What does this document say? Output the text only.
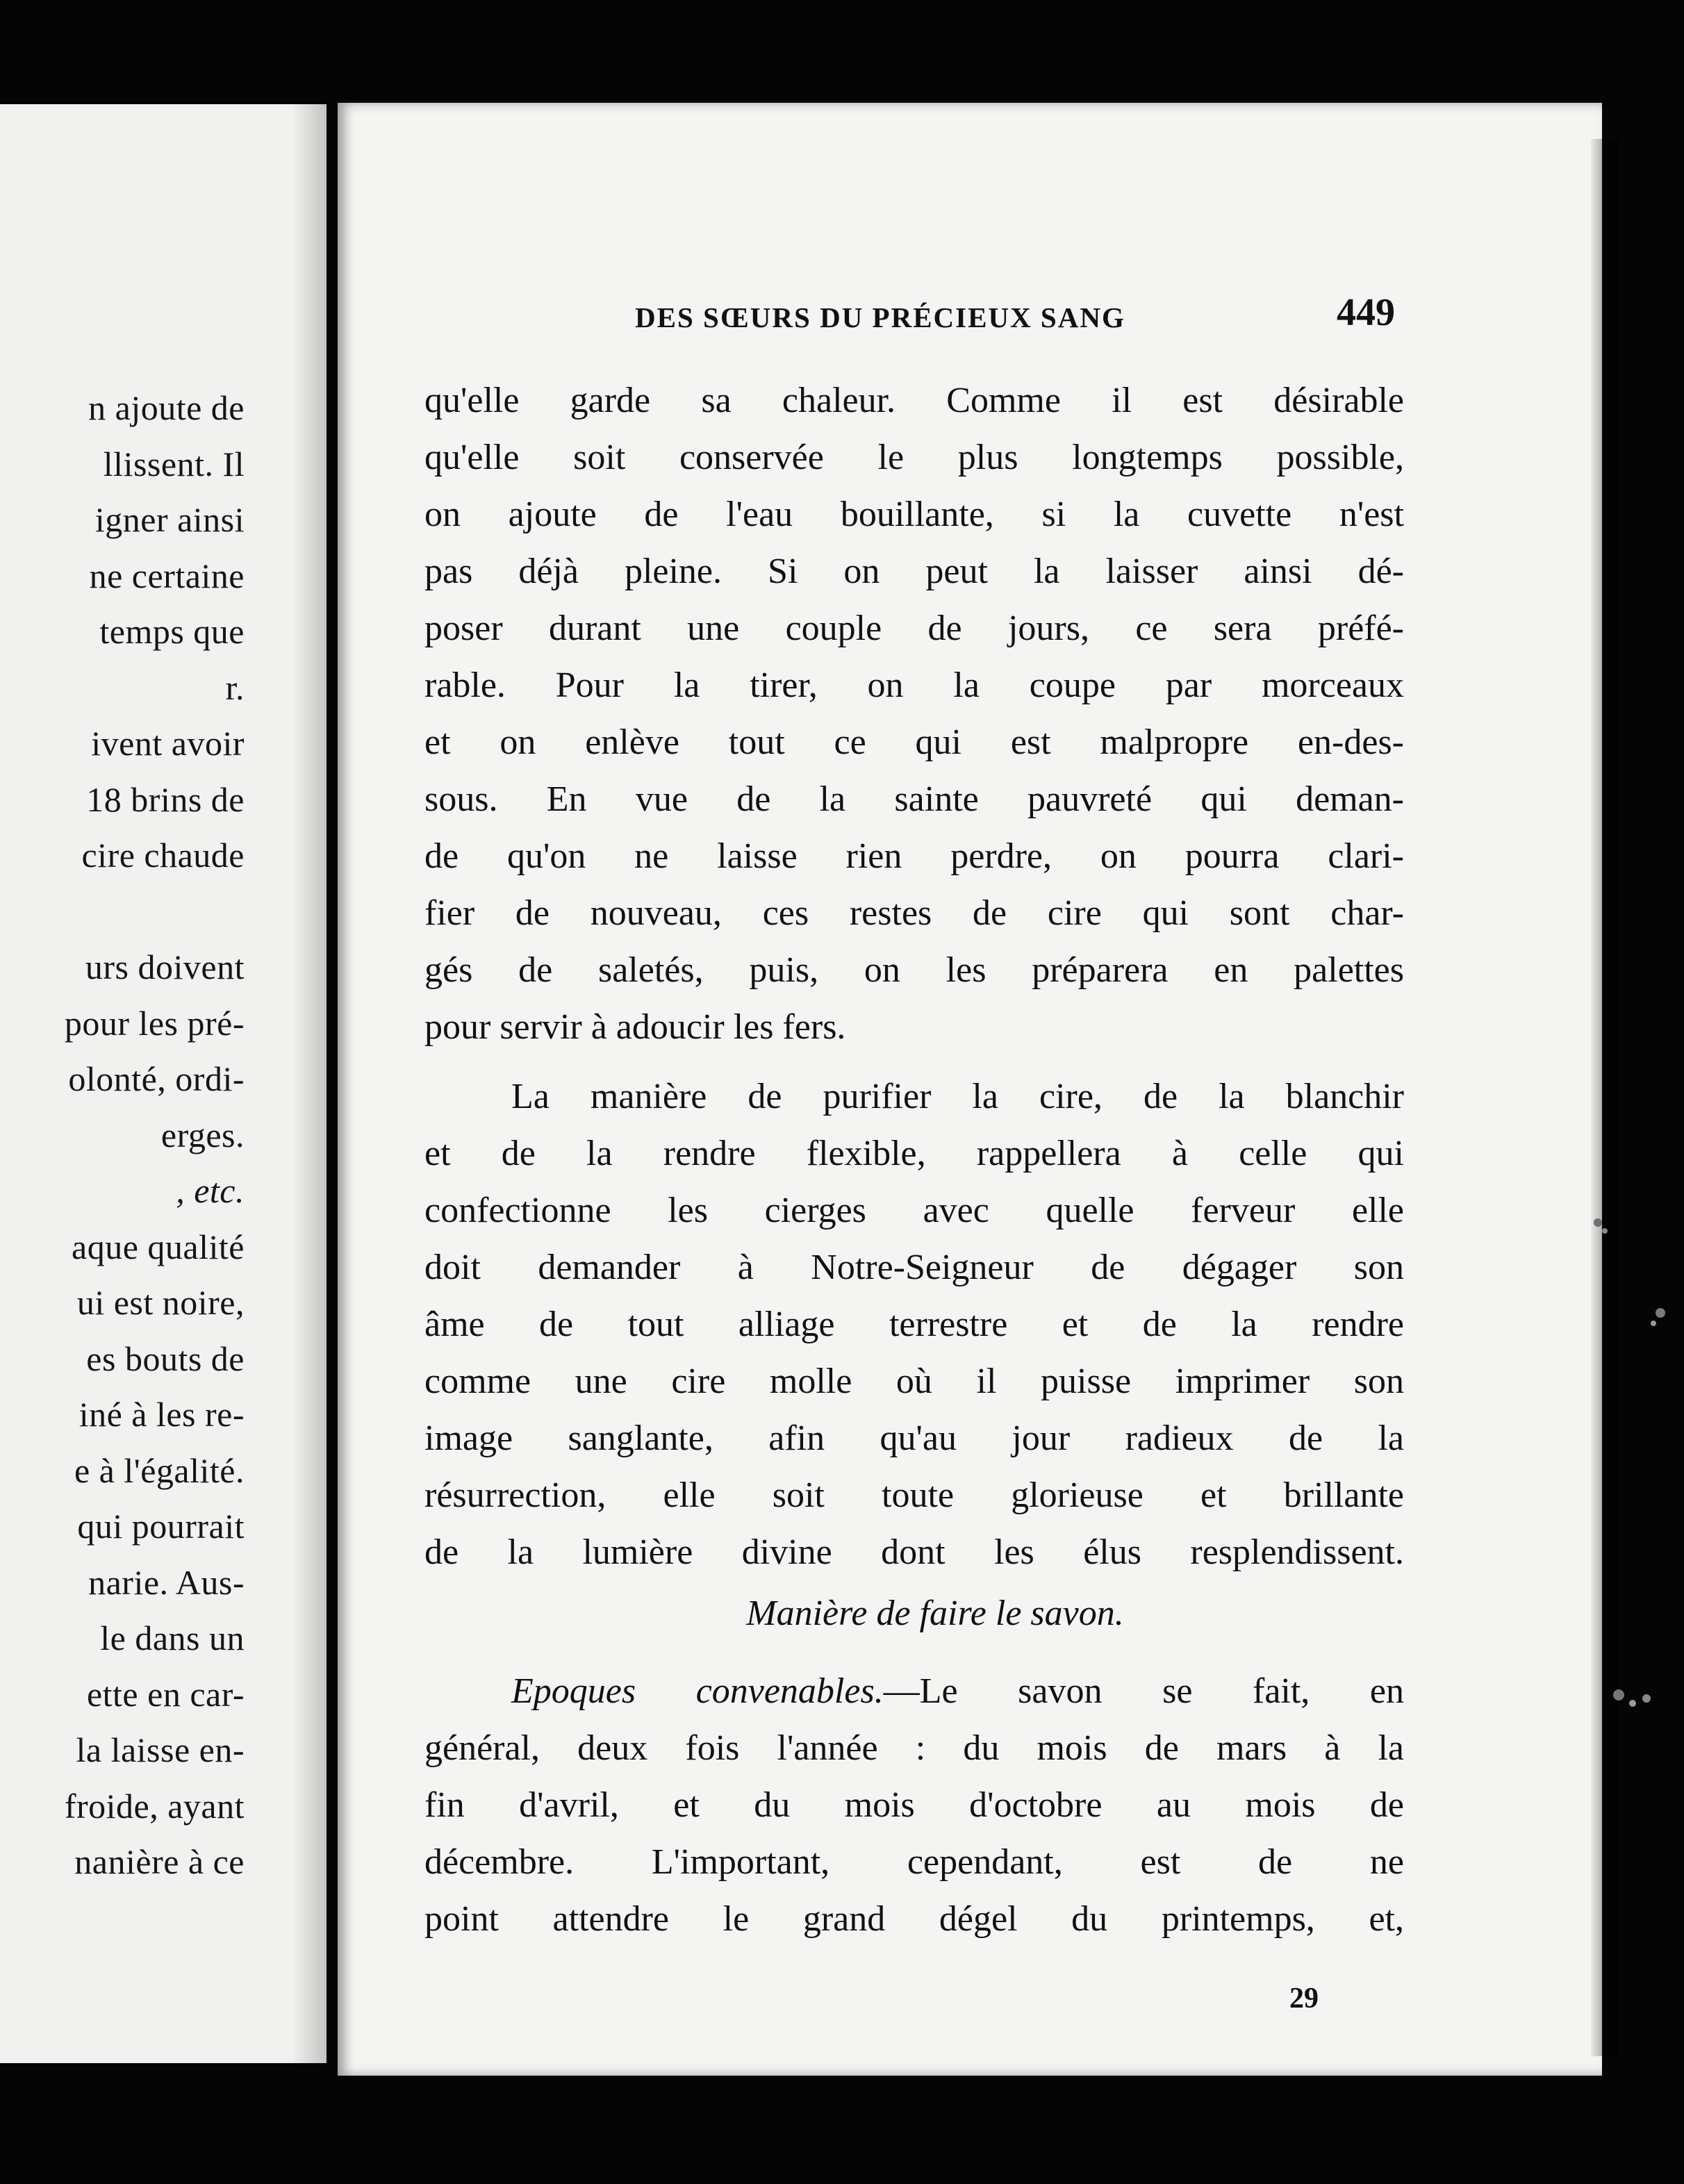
n ajoute de
llissent. Il
igner ainsi
ne certaine
temps que
r.
ivent avoir
18 brins de
cire chaude
urs doivent
pour les pré-
olonté, ordi-
erges.
, etc.
aque qualité
ui est noire,
es bouts de
iné à les re-
e à l'égalité.
qui pourrait
narie. Aus-
le dans un
ette en car-
la laisse en-
froide, ayant
nanière à ce
DES SŒURS DU PRÉCIEUX SANG	449
qu'elle garde sa chaleur. Comme il est désirable
qu'elle soit conservée le plus longtemps possible,
on ajoute de l'eau bouillante, si la cuvette n'est
pas déjà pleine. Si on peut la laisser ainsi dé-
poser durant une couple de jours, ce sera préfé-
rable. Pour la tirer, on la coupe par morceaux
et on enlève tout ce qui est malpropre en-des-
sous. En vue de la sainte pauvreté qui deman-
de qu'on ne laisse rien perdre, on pourra clari-
fier de nouveau, ces restes de cire qui sont char-
gés de saletés, puis, on les préparera en palettes
pour servir à adoucir les fers.
La manière de purifier la cire, de la blanchir
et de la rendre flexible, rappellera à celle qui
confectionne les cierges avec quelle ferveur elle
doit demander à Notre-Seigneur de dégager son
âme de tout alliage terrestre et de la rendre
comme une cire molle où il puisse imprimer son
image sanglante, afin qu'au jour radieux de la
résurrection, elle soit toute glorieuse et brillante
de la lumière divine dont les élus resplendissent.
Manière de faire le savon.
Epoques convenables.—Le savon se fait, en
général, deux fois l'année : du mois de mars à la
fin d'avril, et du mois d'octobre au mois de
décembre. L'important, cependant, est de ne
point attendre le grand dégel du printemps, et,
29
